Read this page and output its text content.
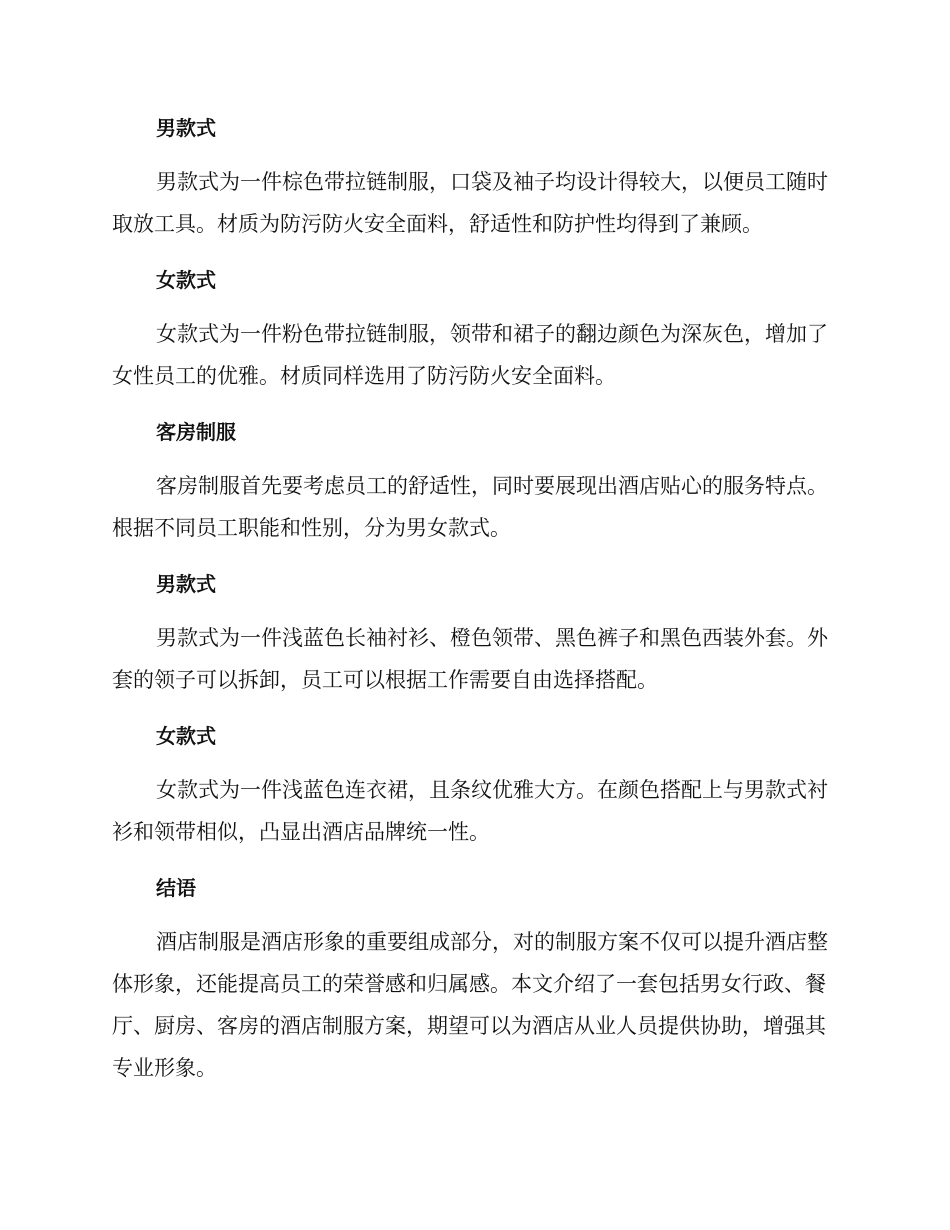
男款式
男款式为一件棕色带拉链制服，口袋及袖子均设计得较大，以便员工随时取放工具。材质为防污防火安全面料，舒适性和防护性均得到了兼顾。
女款式
女款式为一件粉色带拉链制服，领带和裙子的翻边颜色为深灰色，增加了女性员工的优雅。材质同样选用了防污防火安全面料。
客房制服
客房制服首先要考虑员工的舒适性，同时要展现出酒店贴心的服务特点。根据不同员工职能和性别，分为男女款式。
男款式
男款式为一件浅蓝色长袖衬衫、橙色领带、黑色裤子和黑色西装外套。外套的领子可以拆卸，员工可以根据工作需要自由选择搭配。
女款式
女款式为一件浅蓝色连衣裙，且条纹优雅大方。在颜色搭配上与男款式衬衫和领带相似，凸显出酒店品牌统一性。
结语
酒店制服是酒店形象的重要组成部分，对的制服方案不仅可以提升酒店整体形象，还能提高员工的荣誉感和归属感。本文介绍了一套包括男女行政、餐厅、厨房、客房的酒店制服方案，期望可以为酒店从业人员提供协助，增强其专业形象。
